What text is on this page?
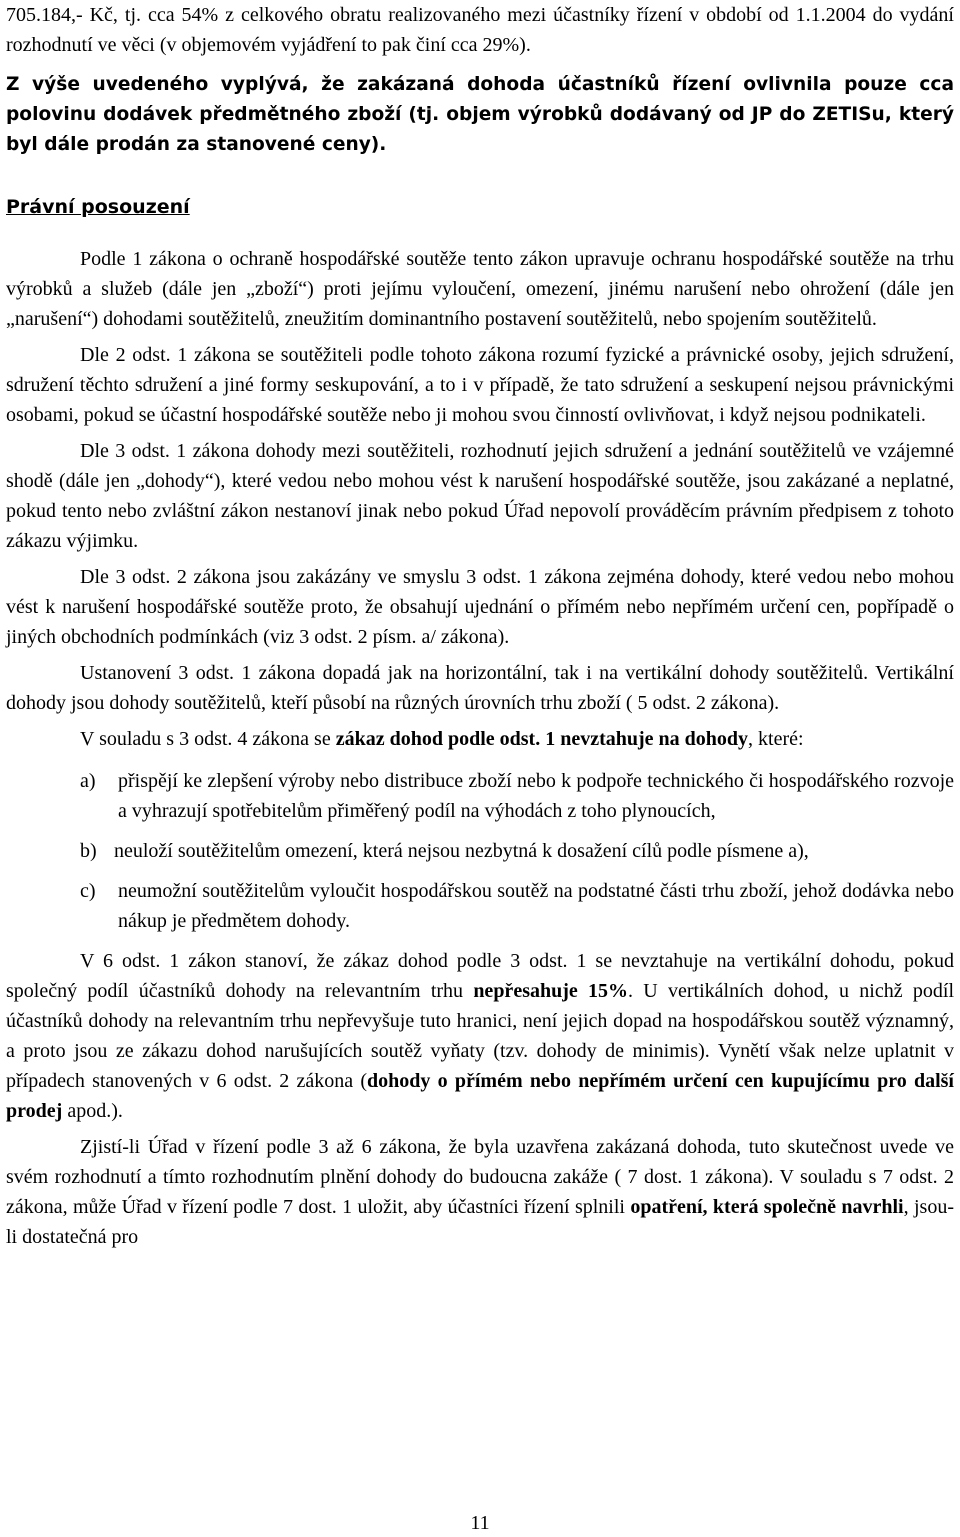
705.184,- Kč, tj. cca 54% z celkového obratu realizovaného mezi účastníky řízení v období od 1.1.2004 do vydání rozhodnutí ve věci (v objemovém vyjádření to pak činí cca 29%).

Z výše uvedeného vyplývá, že zakázaná dohoda účastníků řízení ovlivnila pouze cca polovinu dodávek předmětného zboží (tj. objem výrobků dodávaný od JP do ZETISu, který byl dále prodán za stanovené ceny).

Právní posouzení

Podle 1 zákona o ochraně hospodářské soutěže tento zákon upravuje ochranu hospodářské soutěže na trhu výrobků a služeb (dále jen „zboží“) proti jejímu vyloučení, omezení, jinému narušení nebo ohrožení (dále jen „narušení“) dohodami soutěžitelů, zneužitím dominantního postavení soutěžitelů, nebo spojením soutěžitelů.

Dle 2 odst. 1 zákona se soutěžiteli podle tohoto zákona rozumí fyzické a právnické osoby, jejich sdružení, sdružení těchto sdružení a jiné formy seskupování, a to i v případě, že tato sdružení a seskupení nejsou právnickými osobami, pokud se účastní hospodářské soutěže nebo ji mohou svou činností ovlivňovat, i když nejsou podnikateli.

Dle 3 odst. 1 zákona dohody mezi soutěžiteli, rozhodnutí jejich sdružení a jednání soutěžitelů ve vzájemné shodě (dále jen „dohody“), které vedou nebo mohou vést k narušení hospodářské soutěže, jsou zakázané a neplatné, pokud tento nebo zvláštní zákon nestanoví jinak nebo pokud Úřad nepovolí prováděcím právním předpisem z tohoto zákazu výjimku.

Dle 3 odst. 2 zákona jsou zakázány ve smyslu 3 odst. 1 zákona zejména dohody, které vedou nebo mohou vést k narušení hospodářské soutěže proto, že obsahují ujednání o přímém nebo nepřímém určení cen, popřípadě o jiných obchodních podmínkách (viz 3 odst. 2 písm. a/ zákona).

Ustanovení 3 odst. 1 zákona dopadá jak na horizontální, tak i na vertikální dohody soutěžitelů. Vertikální dohody jsou dohody soutěžitelů, kteří působí na různých úrovních trhu zboží ( 5 odst. 2 zákona).

V souladu s 3 odst. 4 zákona se zákaz dohod podle odst. 1 nevztahuje na dohody, které:

a)	přispějí ke zlepšení výroby nebo distribuce zboží nebo k podpoře technického či hospodářského rozvoje a vyhrazují spotřebitelům přiměřený podíl na výhodách z toho plynoucích,
b) neuloží soutěžitelům omezení, která nejsou nezbytná k dosažení cílů podle písmene a),
c)	neumožní soutěžitelům vyloučit hospodářskou soutěž na podstatné části trhu zboží, jehož dodávka nebo nákup je předmětem dohody.

V 6 odst. 1 zákon stanoví, že zákaz dohod podle 3 odst. 1 se nevztahuje na vertikální dohodu, pokud společný podíl účastníků dohody na relevantním trhu nepřesahuje 15%. U vertikálních dohod, u nichž podíl účastníků dohody na relevantním trhu nepřevyšuje tuto hranici, není jejich dopad na hospodářskou soutěž významný, a proto jsou ze zákazu dohod narušujících soutěž vyňaty (tzv. dohody de minimis). Vynětí však nelze uplatnit v případech stanovených v 6 odst. 2 zákona (dohody o přímém nebo nepřímém určení cen kupujícímu pro další prodej apod.).

Zjistí-li Úřad v řízení podle 3 až 6 zákona, že byla uzavřena zakázaná dohoda, tuto skutečnost uvede ve svém rozhodnutí a tímto rozhodnutím plnění dohody do budoucna zakáže ( 7 dost. 1 zákona). V souladu s 7 odst. 2 zákona, může Úřad v řízení podle 7 dost. 1 uložit, aby účastníci řízení splnili opatření, která společně navrhli, jsou-li dostatečná pro

11
